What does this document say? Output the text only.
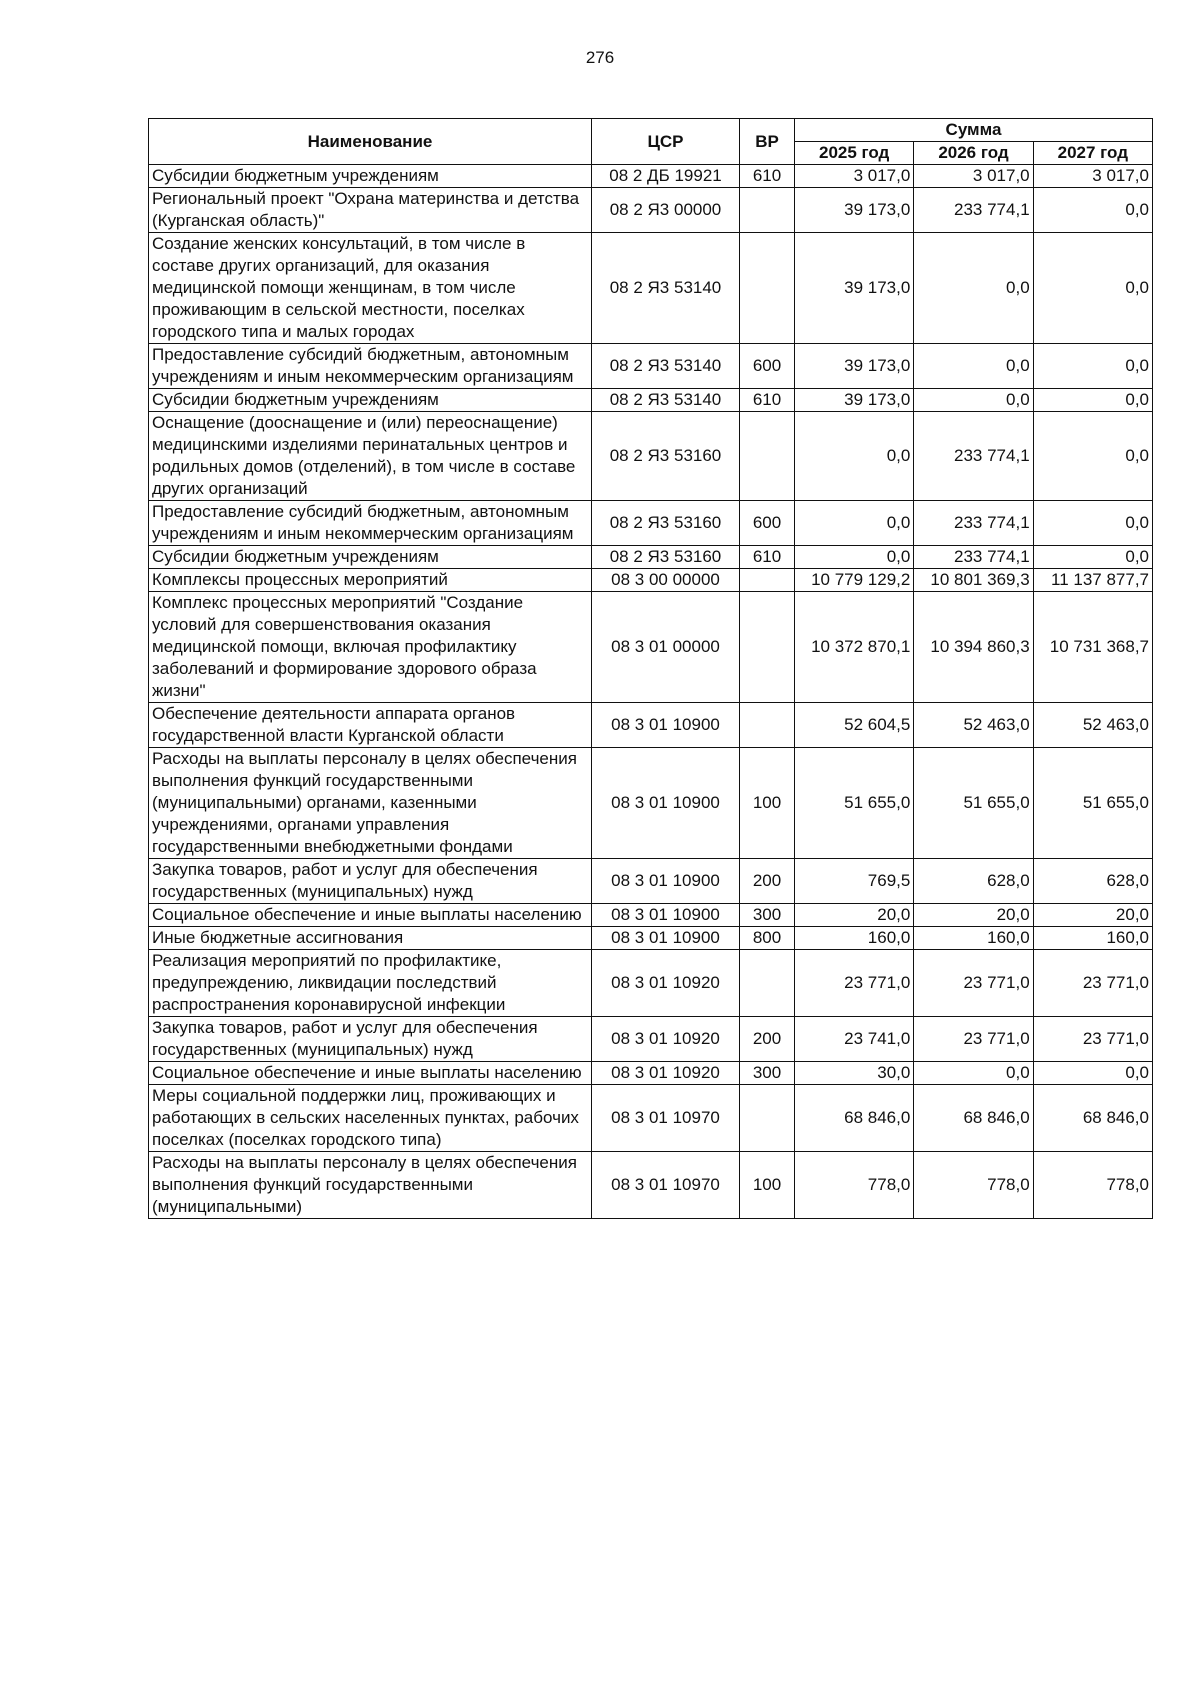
276
Наименование	ЦСР	ВР	Сумма		
			2025 год	2026 год	2027 год
Субсидии бюджетным учреждениям	08 2 ДБ 19921	610	3 017,0	3 017,0	3 017,0
Региональный проект "Охрана материнства и детства (Курганская область)"	08 2 Я3 00000		39 173,0	233 774,1	0,0
Создание женских консультаций, в том числе в составе других организаций, для оказания медицинской помощи женщинам, в том числе проживающим в сельской местности, поселках городского типа и малых городах	08 2 Я3 53140		39 173,0	0,0	0,0
Предоставление субсидий бюджетным, автономным учреждениям и иным некоммерческим организациям	08 2 Я3 53140	600	39 173,0	0,0	0,0
Субсидии бюджетным учреждениям	08 2 Я3 53140	610	39 173,0	0,0	0,0
Оснащение (дооснащение и (или) переоснащение) медицинскими изделиями перинатальных центров и родильных домов (отделений), в том числе в составе других организаций	08 2 Я3 53160		0,0	233 774,1	0,0
Предоставление субсидий бюджетным, автономным учреждениям и иным некоммерческим организациям	08 2 Я3 53160	600	0,0	233 774,1	0,0
Субсидии бюджетным учреждениям	08 2 Я3 53160	610	0,0	233 774,1	0,0
Комплексы процессных мероприятий	08 3 00 00000		10 779 129,2	10 801 369,3	11 137 877,7
Комплекс процессных мероприятий "Создание условий для совершенствования оказания медицинской помощи, включая профилактику заболеваний и формирование здорового образа жизни"	08 3 01 00000		10 372 870,1	10 394 860,3	10 731 368,7
Обеспечение деятельности аппарата органов государственной власти Курганской области	08 3 01 10900		52 604,5	52 463,0	52 463,0
Расходы на выплаты персоналу в целях обеспечения выполнения функций государственными (муниципальными) органами, казенными учреждениями, органами управления государственными внебюджетными фондами	08 3 01 10900	100	51 655,0	51 655,0	51 655,0
Закупка товаров, работ и услуг для обеспечения государственных (муниципальных) нужд	08 3 01 10900	200	769,5	628,0	628,0
Социальное обеспечение и иные выплаты населению	08 3 01 10900	300	20,0	20,0	20,0
Иные бюджетные ассигнования	08 3 01 10900	800	160,0	160,0	160,0
Реализация мероприятий по профилактике, предупреждению, ликвидации последствий распространения коронавирусной инфекции	08 3 01 10920		23 771,0	23 771,0	23 771,0
Закупка товаров, работ и услуг для обеспечения государственных (муниципальных) нужд	08 3 01 10920	200	23 741,0	23 771,0	23 771,0
Социальное обеспечение и иные выплаты населению	08 3 01 10920	300	30,0	0,0	0,0
Меры социальной поддержки лиц, проживающих и работающих в сельских населенных пунктах, рабочих поселках (поселках городского типа)	08 3 01 10970		68 846,0	68 846,0	68 846,0
Расходы на выплаты персоналу в целях обеспечения выполнения функций государственными (муниципальными)	08 3 01 10970	100	778,0	778,0	778,0
